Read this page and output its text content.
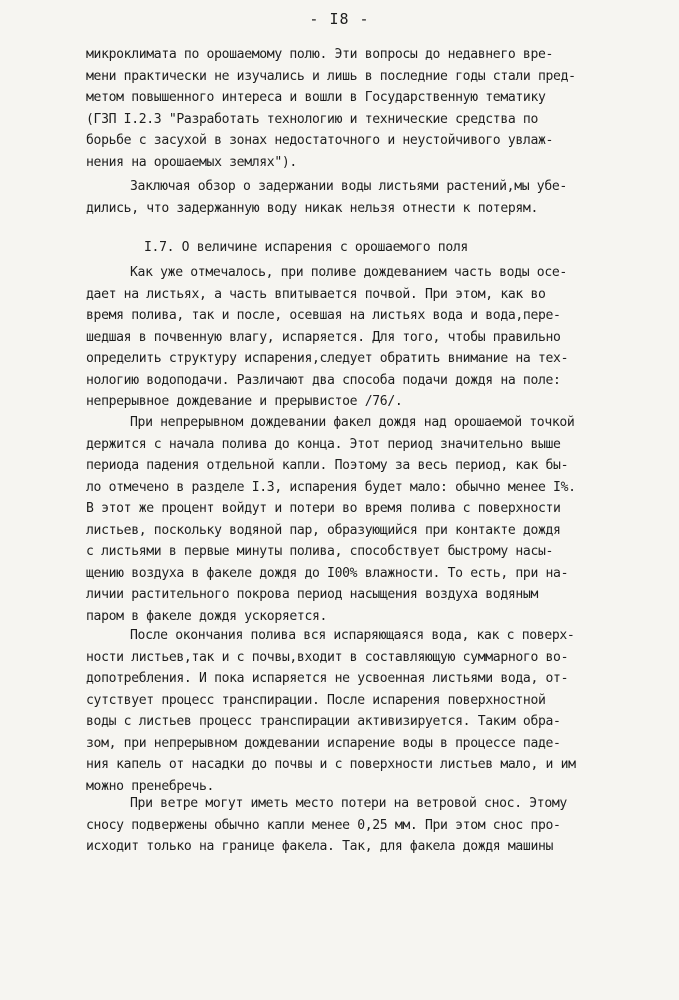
- I8 -
микроклимата по орошаемому полю. Эти вопросы до недавнего вре-
мени практически не изучались и лишь в последние годы стали пред-
метом повышенного интереса и вошли в Государственную тематику
(ГЗП I.2.3 "Разработать технологию и технические средства по
борьбе с засухой в зонах недостаточного и неустойчивого увлаж-
нения на орошаемых землях").
Заключая обзор о задержании воды листьями растений,мы убе-
дились, что задержанную воду никак нельзя отнести к потерям.
I.7. О величине испарения с орошаемого поля
Как уже отмечалось, при поливе дождеванием часть воды осе-
дает на листьях, а часть впитывается почвой. При этом, как во
время полива, так и после, осевшая на листьях вода и вода,пере-
шедшая в почвенную влагу, испаряется. Для того, чтобы правильно
определить структуру испарения,следует обратить внимание на тех-
нологию водоподачи. Различают два способа подачи дождя на поле:
непрерывное дождевание и прерывистое /76/.
При непрерывном дождевании факел дождя над орошаемой точкой
держится с начала полива до конца. Этот период значительно выше
периода падения отдельной капли. Поэтому за весь период, как бы-
ло отмечено в разделе I.3, испарения будет мало: обычно менее I%.
В этот же процент войдут и потери во время полива с поверхности
листьев, поскольку водяной пар, образующийся при контакте дождя
с листьями в первые минуты полива, способствует быстрому насы-
щению воздуха в факеле дождя до I00% влажности. То есть, при на-
личии растительного покрова период насыщения воздуха водяным
паром в факеле дождя ускоряется.
После окончания полива вся испаряющаяся вода, как с поверх-
ности листьев,так и с почвы,входит в составляющую суммарного во-
допотребления. И пока испаряется не усвоенная листьями вода, от-
сутствует процесс транспирации. После испарения поверхностной
воды с листьев процесс транспирации активизируется. Таким обра-
зом, при непрерывном дождевании испарение воды в процессе паде-
ния капель от насадки до почвы и с поверхности листьев мало, и им
можно пренебречь.
При ветре могут иметь место потери на ветровой снос. Этому
сносу подвержены обычно капли менее 0,25 мм. При этом снос про-
исходит только на границе факела. Так, для факела дождя машины
